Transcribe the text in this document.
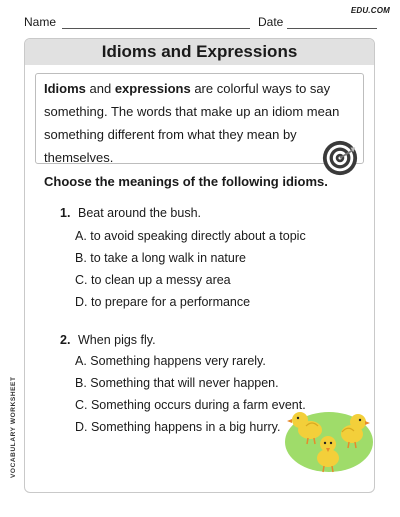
Name	Date
EDU.COM
Idioms and Expressions
Idioms and expressions are colorful ways to say something. The words that make up an idiom mean something different from what they mean by themselves.
Choose the meanings of the following idioms.
1. Beat around the bush.
A. to avoid speaking directly about a topic
B. to take a long walk in nature
C. to clean up a messy area
D. to prepare for a performance
2. When pigs fly.
A. Something happens very rarely.
B. Something that will never happen.
C. Something occurs during a farm event.
D. Something happens in a big hurry.
VOCABULARY WORKSHEET
